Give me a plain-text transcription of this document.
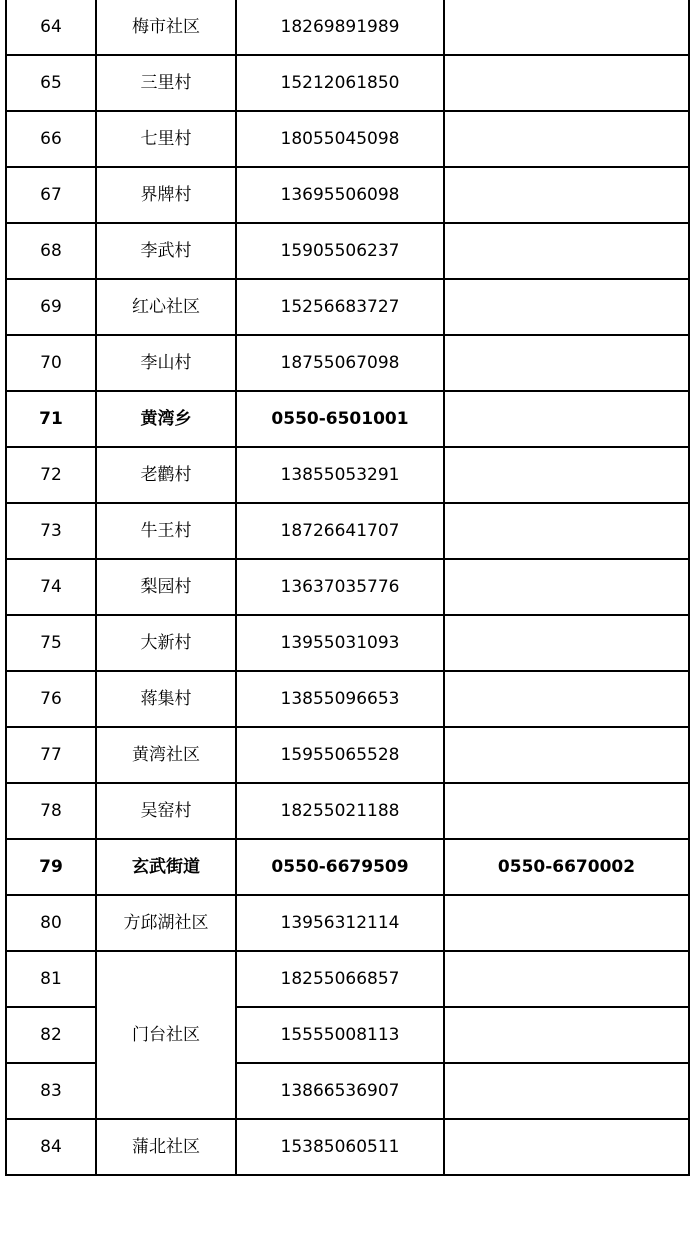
64	梅市社区	18269891989	
65	三里村	15212061850	
66	七里村	18055045098	
67	界牌村	13695506098	
68	李武村	15905506237	
69	红心社区	15256683727	
70	李山村	18755067098	
71	黄湾乡	0550-6501001	
72	老鹳村	13855053291	
73	牛王村	18726641707	
74	梨园村	13637035776	
75	大新村	13955031093	
76	蒋集村	13855096653	
77	黄湾社区	15955065528	
78	吴窑村	18255021188	
79	玄武街道	0550-6679509	0550-6670002
80	方邱湖社区	13956312114	
81	门台社区	18255066857	
82		15555008113	
83		13866536907	
84	蒲北社区	15385060511	
